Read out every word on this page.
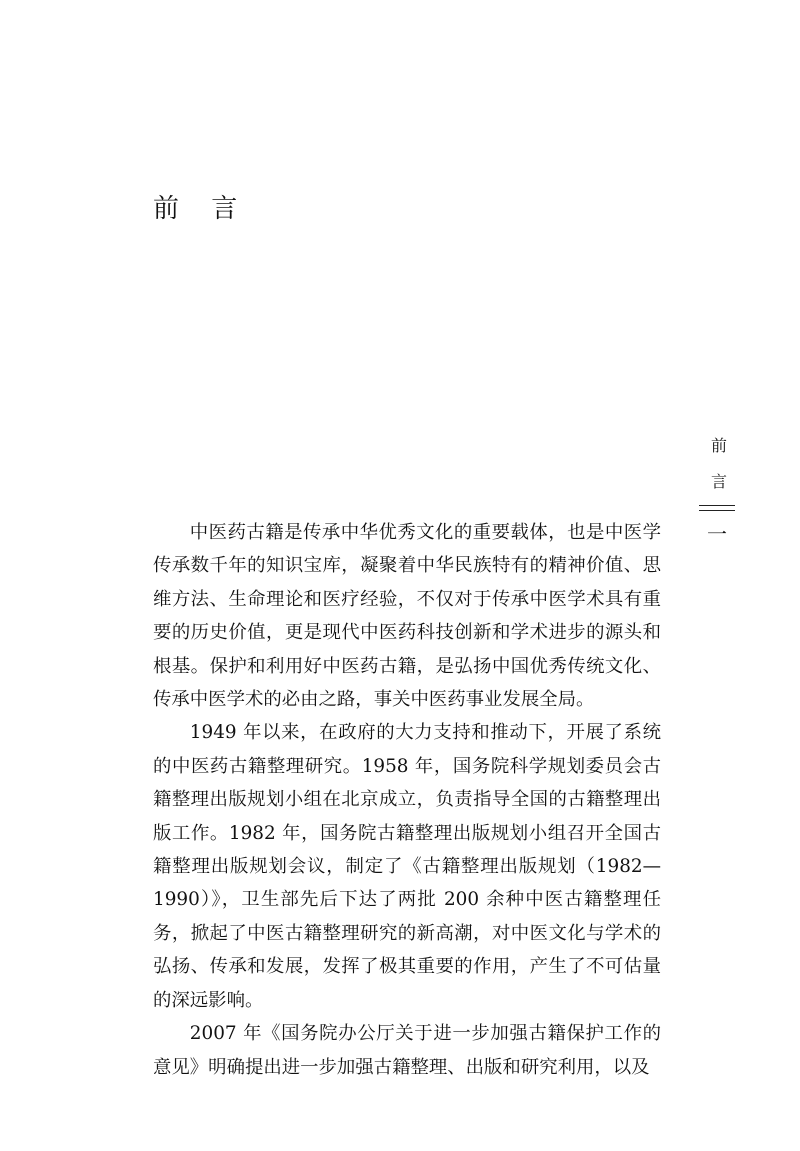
前 言
前
言
一

中医药古籍是传承中华优秀文化的重要载体，也是中医学传承数千年的知识宝库，凝聚着中华民族特有的精神价值、思维方法、生命理论和医疗经验，不仅对于传承中医学术具有重要的历史价值，更是现代中医药科技创新和学术进步的源头和根基。保护和利用好中医药古籍，是弘扬中国优秀传统文化、传承中医学术的必由之路，事关中医药事业发展全局。

1949 年以来，在政府的大力支持和推动下，开展了系统的中医药古籍整理研究。1958 年，国务院科学规划委员会古籍整理出版规划小组在北京成立，负责指导全国的古籍整理出版工作。1982 年，国务院古籍整理出版规划小组召开全国古籍整理出版规划会议，制定了《古籍整理出版规划（1982—1990）》，卫生部先后下达了两批 200 余种中医古籍整理任务，掀起了中医古籍整理研究的新高潮，对中医文化与学术的弘扬、传承和发展，发挥了极其重要的作用，产生了不可估量的深远影响。

2007 年《国务院办公厅关于进一步加强古籍保护工作的意见》明确提出进一步加强古籍整理、出版和研究利用，以及
